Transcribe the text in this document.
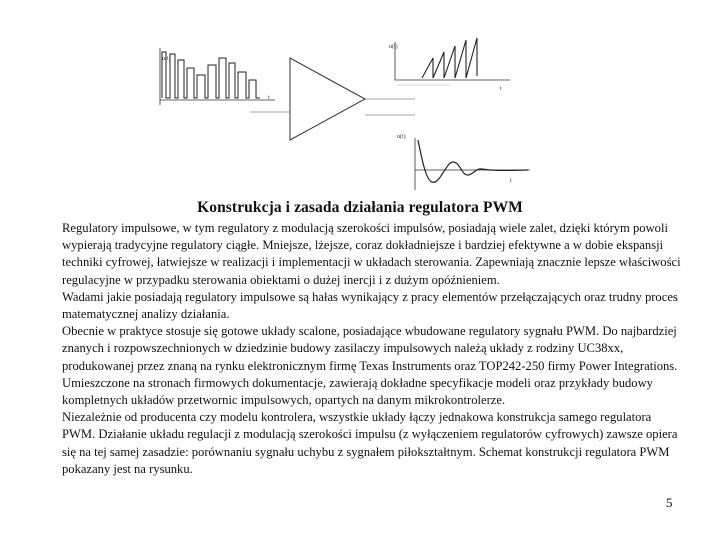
u(t)
t
u(t)
t
u(t)
t
Konstrukcja i zasada działania regulatora PWM

Regulatory impulsowe, w tym regulatory z modulacją szerokości impulsów, posiadają wiele zalet, dzięki którym powoli wypierają tradycyjne regulatory ciągłe. Mniejsze, lżejsze, coraz dokładniejsze i bardziej efektywne a w dobie ekspansji techniki cyfrowej, łatwiejsze w realizacji i implementacji w układach sterowania. Zapewniają znacznie lepsze właściwości regulacyjne w przypadku sterowania obiektami o dużej inercji i z dużym opóźnieniem.

Wadami jakie posiadają regulatory impulsowe są hałas wynikający z pracy elementów przełączających oraz trudny proces matematycznej analizy działania.

Obecnie w praktyce stosuje się gotowe układy scalone, posiadające wbudowane regulatory sygnału PWM. Do najbardziej znanych i rozpowszechnionych w dziedzinie budowy zasilaczy impulsowych należą układy z rodziny UC38xx, produkowanej przez znaną na rynku elektronicznym firmę Texas Instruments oraz TOP242-250 firmy Power Integrations. Umieszczone na stronach firmowych dokumentacje, zawierają dokładne specyfikacje modeli oraz przykłady budowy kompletnych układów przetwornic impulsowych, opartych na danym mikrokontrolerze.

Niezależnie od producenta czy modelu kontrolera, wszystkie układy łączy jednakowa konstrukcja samego regulatora PWM. Działanie układu regulacji z modulacją szerokości impulsu (z wyłączeniem regulatorów cyfrowych) zawsze opiera się na tej samej zasadzie: porównaniu sygnału uchybu z sygnałem piłokształtnym. Schemat konstrukcji regulatora PWM pokazany jest na rysunku.

5
